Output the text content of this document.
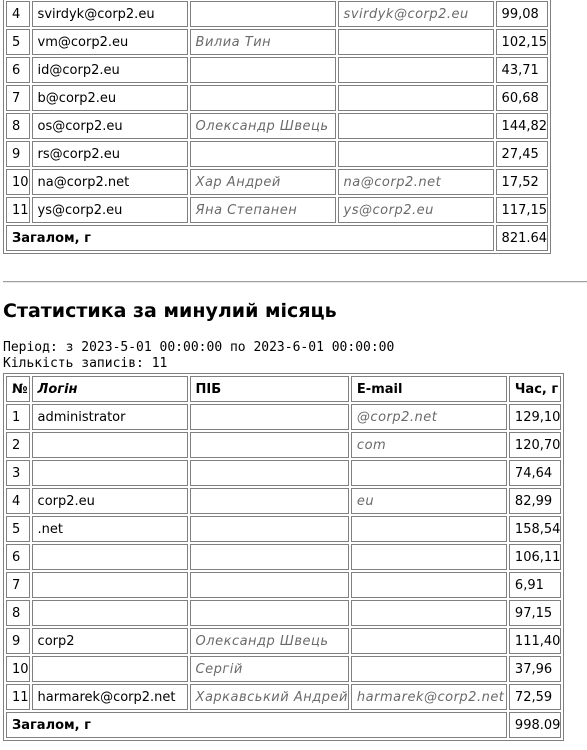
4	svirdyk@corp2.eu		svirdyk@corp2.eu	99,08
5	vm@corp2.eu	Вилиа Тин		102,15
6	id@corp2.eu			43,71
7	b@corp2.eu			60,68
8	os@corp2.eu	Олександр Швець		144,82
9	rs@corp2.eu			27,45
10	na@corp2.net	Хар Андрей	na@corp2.net	17,52
11	ys@corp2.eu	Яна Степанен	ys@corp2.eu	117,15
Загалом, г				821.64
Статистика за минулий місяць
Період: з 2023-5-01 00:00:00 по 2023-6-01 00:00:00
Кількість записів: 11
№	Логін	ПІБ	E-mail	Час, г
1	administrator		@corp2.net	129,10
2			com	120,70
3				74,64
4	corp2.eu		eu	82,99
5	.net			158,54
6				106,11
7				6,91
8				97,15
9	corp2	Олександр Швець		111,40
10		Сергій		37,96
11	harmarek@corp2.net	Харкавський Андрей	harmarek@corp2.net	72,59
Загалом, г				998.09
